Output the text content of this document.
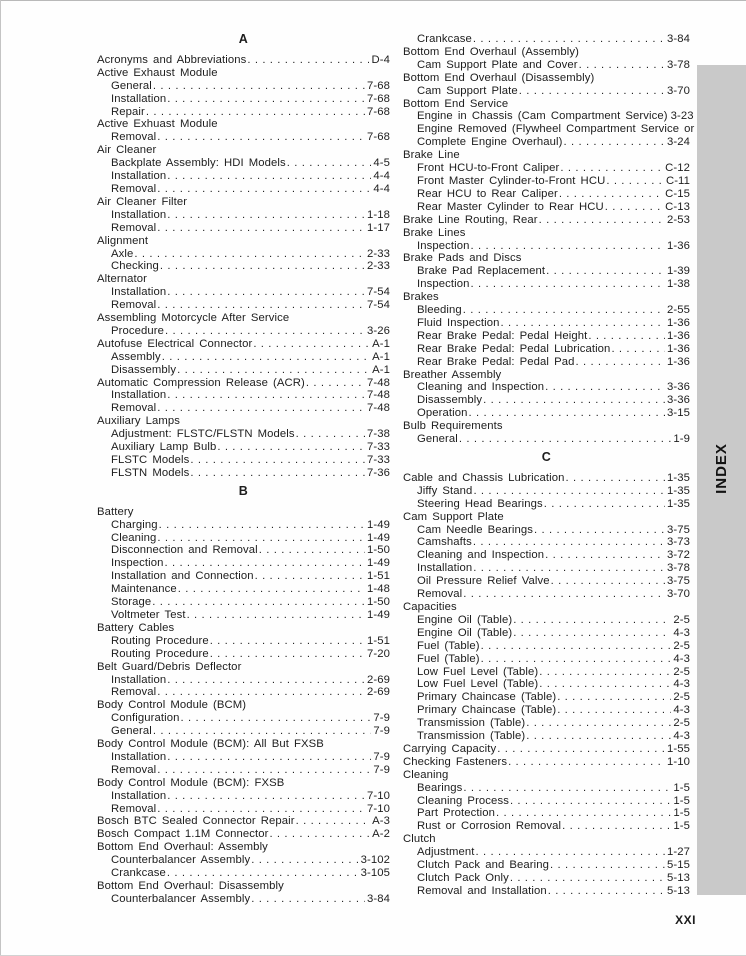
A
Acronyms and Abbreviations . . .	D-4
Active Exhaust Module
General . . .	7-68
Installation . . .	7-68
Repair . . .	7-68
Active Exhuast Module
Removal . . .	7-68
Air Cleaner
Backplate Assembly: HDI Models . . .	4-5
Installation . . .	4-4
Removal . . .	4-4
Air Cleaner Filter
Installation . . .	1-18
Removal . . .	1-17
Alignment
Axle . . .	2-33
Checking . . .	2-33
Alternator
Installation . . .	7-54
Removal . . .	7-54
Assembling Motorcycle After Service
Procedure . . .	3-26
Autofuse Electrical Connector . . .	A-1
Assembly . . .	A-1
Disassembly . . .	A-1
Automatic Compression Release (ACR) . . .	7-48
Installation . . .	7-48
Removal . . .	7-48
Auxiliary Lamps
Adjustment: FLSTC/FLSTN Models . . .	7-38
Auxiliary Lamp Bulb . . .	7-33
FLSTC Models . . .	7-33
FLSTN Models . . .	7-36
B
Battery
Charging . . .	1-49
Cleaning . . .	1-49
Disconnection and Removal . . .	1-50
Inspection . . .	1-49
Installation and Connection . . .	1-51
Maintenance . . .	1-48
Storage . . .	1-50
Voltmeter Test . . .	1-49
Battery Cables
Routing Procedure . . .	1-51
Routing Procedure . . .	7-20
Belt Guard/Debris Deflector
Installation . . .	2-69
Removal . . .	2-69
Body Control Module (BCM)
Configuration . . .	7-9
General . . .	7-9
Body Control Module (BCM): All But FXSB
Installation . . .	7-9
Removal . . .	7-9
Body Control Module (BCM): FXSB
Installation . . .	7-10
Removal . . .	7-10
Bosch BTC Sealed Connector Repair . . .	A-3
Bosch Compact 1.1M Connector . . .	A-2
Bottom End Overhaul: Assembly
Counterbalancer Assembly . . .	3-102
Crankcase . . .	3-105
Bottom End Overhaul: Disassembly
Counterbalancer Assembly . . .	3-84
Crankcase . . .	3-84
Bottom End Overhaul (Assembly)
Cam Support Plate and Cover . . .	3-78
Bottom End Overhaul (Disassembly)
Cam Support Plate . . .	3-70
Bottom End Service
Engine in Chassis (Cam Compartment Service) 3-23
Engine Removed (Flywheel Compartment Service or
Complete Engine Overhaul) . . .	3-24
Brake Line
Front HCU-to-Front Caliper . . .	C-12
Front Master Cylinder-to-Front HCU . . .	C-11
Rear HCU to Rear Caliper . . .	C-15
Rear Master Cylinder to Rear HCU . . .	C-13
Brake Line Routing, Rear . . .	2-53
Brake Lines
Inspection . . .	1-36
Brake Pads and Discs
Brake Pad Replacement . . .	1-39
Inspection . . .	1-38
Brakes
Bleeding . . .	2-55
Fluid Inspection . . .	1-36
Rear Brake Pedal: Pedal Height . . .	1-36
Rear Brake Pedal: Pedal Lubrication . . .	1-36
Rear Brake Pedal: Pedal Pad . . .	1-36
Breather Assembly
Cleaning and Inspection . . .	3-36
Disassembly . . .	3-36
Operation . . .	3-15
Bulb Requirements
General . . .	1-9
C
Cable and Chassis Lubrication . . .	1-35
Jiffy Stand . . .	1-35
Steering Head Bearings . . .	1-35
Cam Support Plate
Cam Needle Bearings . . .	3-75
Camshafts . . .	3-73
Cleaning and Inspection . . .	3-72
Installation . . .	3-78
Oil Pressure Relief Valve . . .	3-75
Removal . . .	3-70
Capacities
Engine Oil (Table) . . .	2-5
Engine Oil (Table) . . .	4-3
Fuel (Table) . . .	2-5
Fuel (Table) . . .	4-3
Low Fuel Level (Table) . . .	2-5
Low Fuel Level (Table) . . .	4-3
Primary Chaincase (Table) . . .	2-5
Primary Chaincase (Table) . . .	4-3
Transmission (Table) . . .	2-5
Transmission (Table) . . .	4-3
Carrying Capacity . . .	1-55
Checking Fasteners . . .	1-10
Cleaning
Bearings . . .	1-5
Cleaning Process . . .	1-5
Part Protection . . .	1-5
Rust or Corrosion Removal . . .	1-5
Clutch
Adjustment . . .	1-27
Clutch Pack and Bearing . . .	5-15
Clutch Pack Only . . .	5-13
Removal and Installation . . .	5-13
INDEX
XXI
